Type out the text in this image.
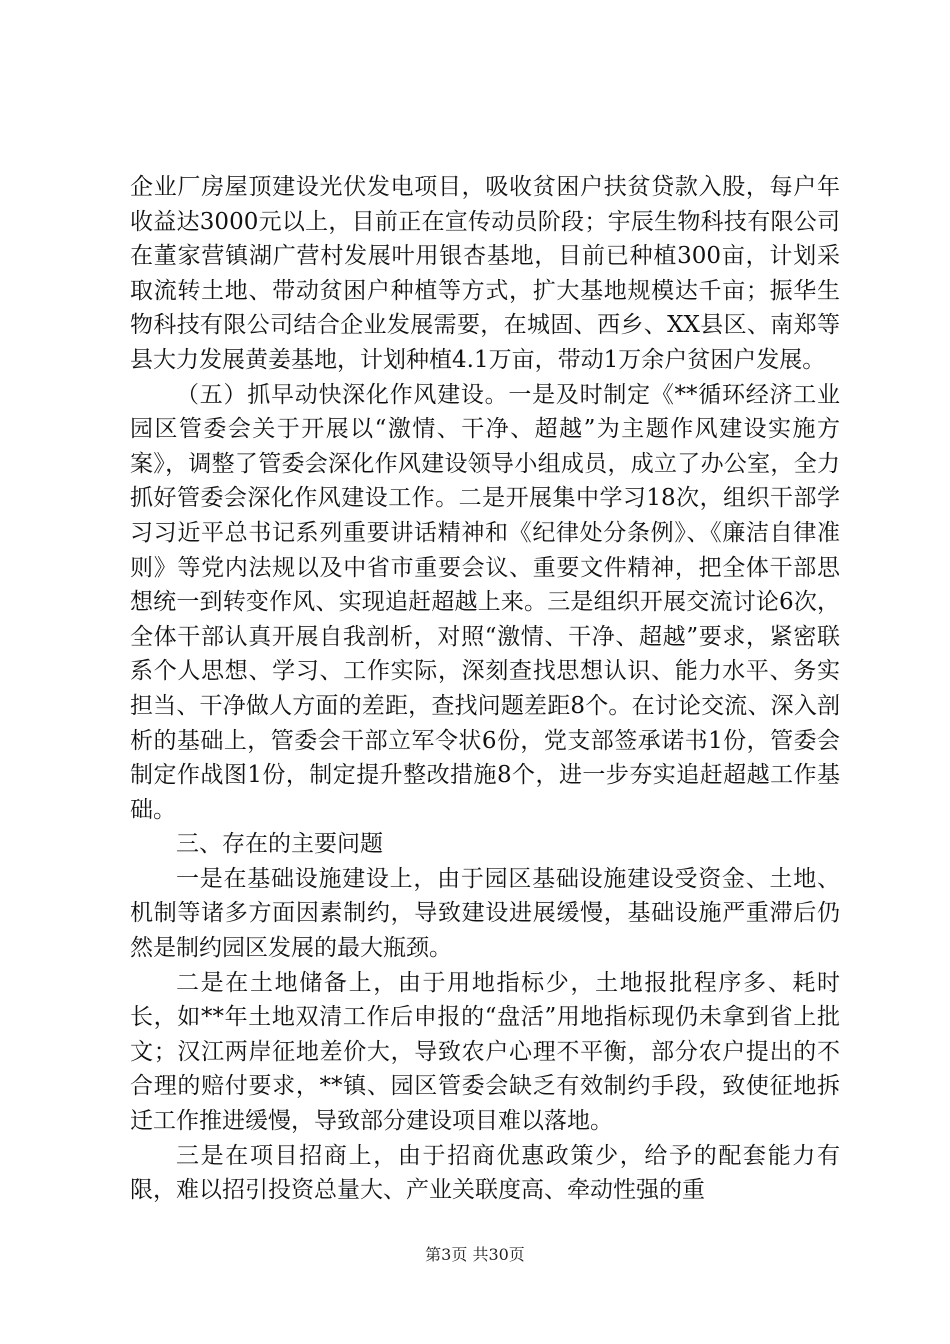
企业厂房屋顶建设光伏发电项目，吸收贫困户扶贫贷款入股，每户年收益达3000元以上，目前正在宣传动员阶段；宇辰生物科技有限公司在董家营镇湖广营村发展叶用银杏基地，目前已种植300亩，计划采取流转土地、带动贫困户种植等方式，扩大基地规模达千亩；振华生物科技有限公司结合企业发展需要，在城固、西乡、XX县区、南郑等县大力发展黄姜基地，计划种植4.1万亩，带动1万余户贫困户发展。

（五）抓早动快深化作风建设。一是及时制定《**循环经济工业园区管委会关于开展以“激情、干净、超越”为主题作风建设实施方案》，调整了管委会深化作风建设领导小组成员，成立了办公室，全力抓好管委会深化作风建设工作。二是开展集中学习18次，组织干部学习习近平总书记系列重要讲话精神和《纪律处分条例》、《廉洁自律准则》等党内法规以及中省市重要会议、重要文件精神，把全体干部思想统一到转变作风、实现追赶超越上来。三是组织开展交流讨论6次，全体干部认真开展自我剖析，对照“激情、干净、超越”要求，紧密联系个人思想、学习、工作实际，深刻查找思想认识、能力水平、务实担当、干净做人方面的差距，查找问题差距8个。在讨论交流、深入剖析的基础上，管委会干部立军令状6份，党支部签承诺书1份，管委会制定作战图1份，制定提升整改措施8个，进一步夯实追赶超越工作基础。

三、存在的主要问题

一是在基础设施建设上，由于园区基础设施建设受资金、土地、机制等诸多方面因素制约，导致建设进展缓慢，基础设施严重滞后仍然是制约园区发展的最大瓶颈。

二是在土地储备上，由于用地指标少，土地报批程序多、耗时长，如**年土地双清工作后申报的“盘活”用地指标现仍未拿到省上批文；汉江两岸征地差价大，导致农户心理不平衡，部分农户提出的不合理的赔付要求，**镇、园区管委会缺乏有效制约手段，致使征地拆迁工作推进缓慢，导致部分建设项目难以落地。

三是在项目招商上，由于招商优惠政策少，给予的配套能力有限，难以招引投资总量大、产业关联度高、牵动性强的重

第3页 共30页
